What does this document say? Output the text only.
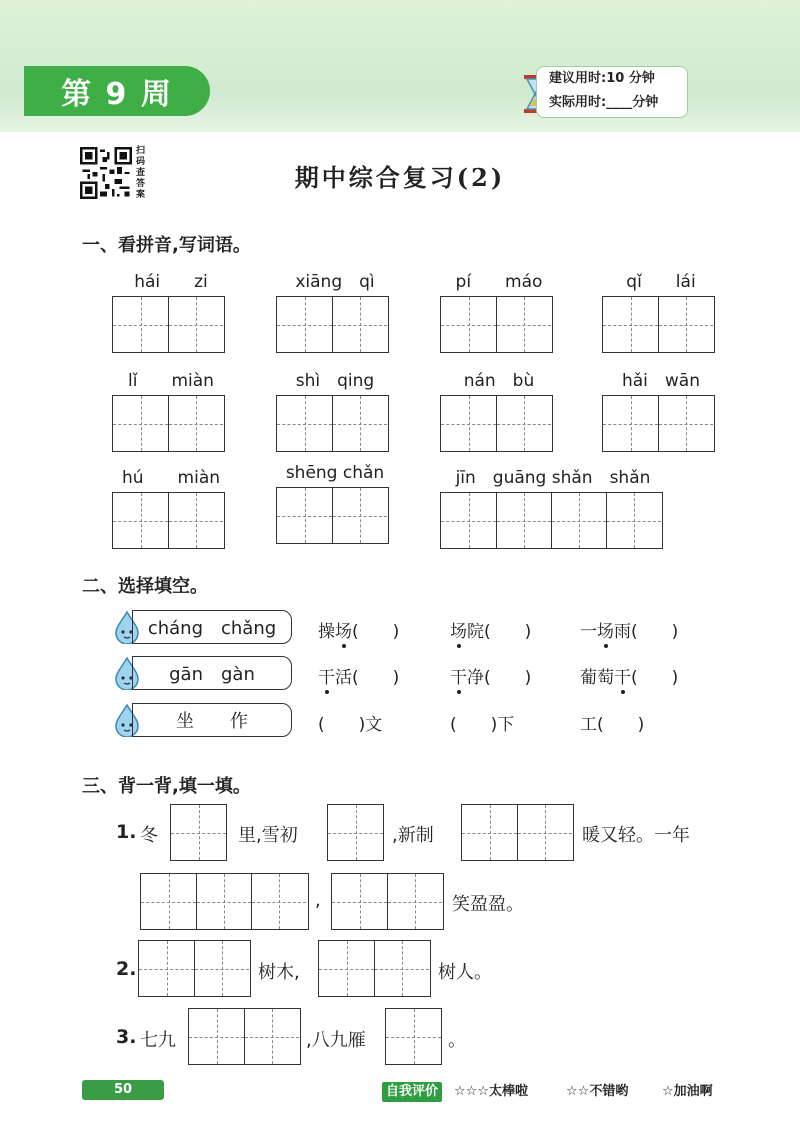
第 9 周	建议用时:10 分钟
实际用时:____分钟
扫码查答案
期中综合复习(2)
一、看拼音,写词语。
hái　　zi	xiāng　qì	pí　　máo	qǐ　　lái
lǐ　　miàn	shì　qing	nán　bù	hǎi　wān
hú　　miàn	shēng chǎn	jīn　guāng shǎn　shǎn
二、选择填空。
cháng　chǎng	操场(　　)	场院(　　)	一场雨(　　)
gān　gàn	干活(　　)	干净(　　)	葡萄干(　　)
坐　　作	(　　)文	(　　)下	工(　　)
三、背一背,填一填。
1. 冬	里,雪初	,新制	暖又轻。一年
,	笑盈盈。
2.	树木,	树人。
3. 七九	,八九雁	。
50	自我评价	☆☆☆太棒啦	☆☆不错哟	☆加油啊
